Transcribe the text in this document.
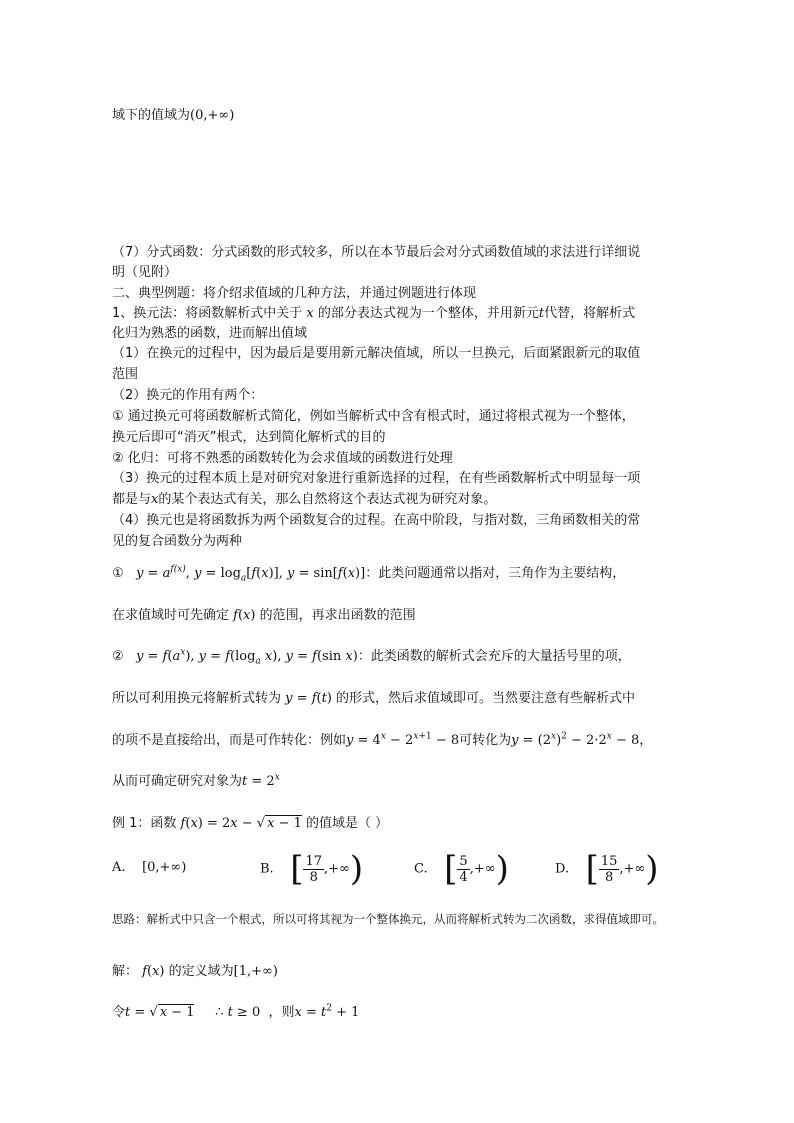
域下的值域为(0,+∞)
（7）分式函数：分式函数的形式较多，所以在本节最后会对分式函数值域的求法进行详细说
明（见附）
二、典型例题：将介绍求值域的几种方法，并通过例题进行体现
1、换元法：将函数解析式中关于 x 的部分表达式视为一个整体，并用新元t代替，将解析式
化归为熟悉的函数，进而解出值域
（1）在换元的过程中，因为最后是要用新元解决值域，所以一旦换元，后面紧跟新元的取值
范围
（2）换元的作用有两个：
① 通过换元可将函数解析式简化，例如当解析式中含有根式时，通过将根式视为一个整体，
换元后即可“消灭”根式，达到简化解析式的目的
② 化归：可将不熟悉的函数转化为会求值域的函数进行处理
（3）换元的过程本质上是对研究对象进行重新选择的过程，在有些函数解析式中明显每一项
都是与x的某个表达式有关，那么自然将这个表达式视为研究对象。
（4）换元也是将函数拆为两个函数复合的过程。在高中阶段，与指对数，三角函数相关的常
见的复合函数分为两种
① $y = a^{f(x)}$, $y = \log_a[f(x)]$, y = sin[f(x)]：此类问题通常以指对，三角作为主要结构，
在求值域时可先确定 f(x) 的范围，再求出函数的范围
② $y = f(a^x)$, $y = f(\log_a$ x), y = f(sin x)：此类函数的解析式会充斥的大量括号里的项，
所以可利用换元将解析式转为 y = f(t) 的形式，然后求值域即可。当然要注意有些解析式中
的项不是直接给出，而是可作转化：例如$y = 4^x - 2^{x+1} - 8$可转化为$y = (2^x)^2 - 2\cdot 2^x - 8$，
从而可确定研究对象为$t = 2^x$
例 1：函数 f(x) = 2x − √ x − 1 的值域是（ ）
A. [0,+∞)	B. [ $\frac{17}{8}$ ,+∞)	C. [ $\frac{5}{4}$ ,+∞)	D. [ $\frac{15}{8}$ ,+∞)
思路：解析式中只含一个根式，所以可将其视为一个整体换元，从而将解析式转为二次函数，求得值域即可。
解： f(x) 的定义域为[1,+∞)
令t = √ x − 1 ∴ t ≥ 0 ，则$x = t^2 + 1$
